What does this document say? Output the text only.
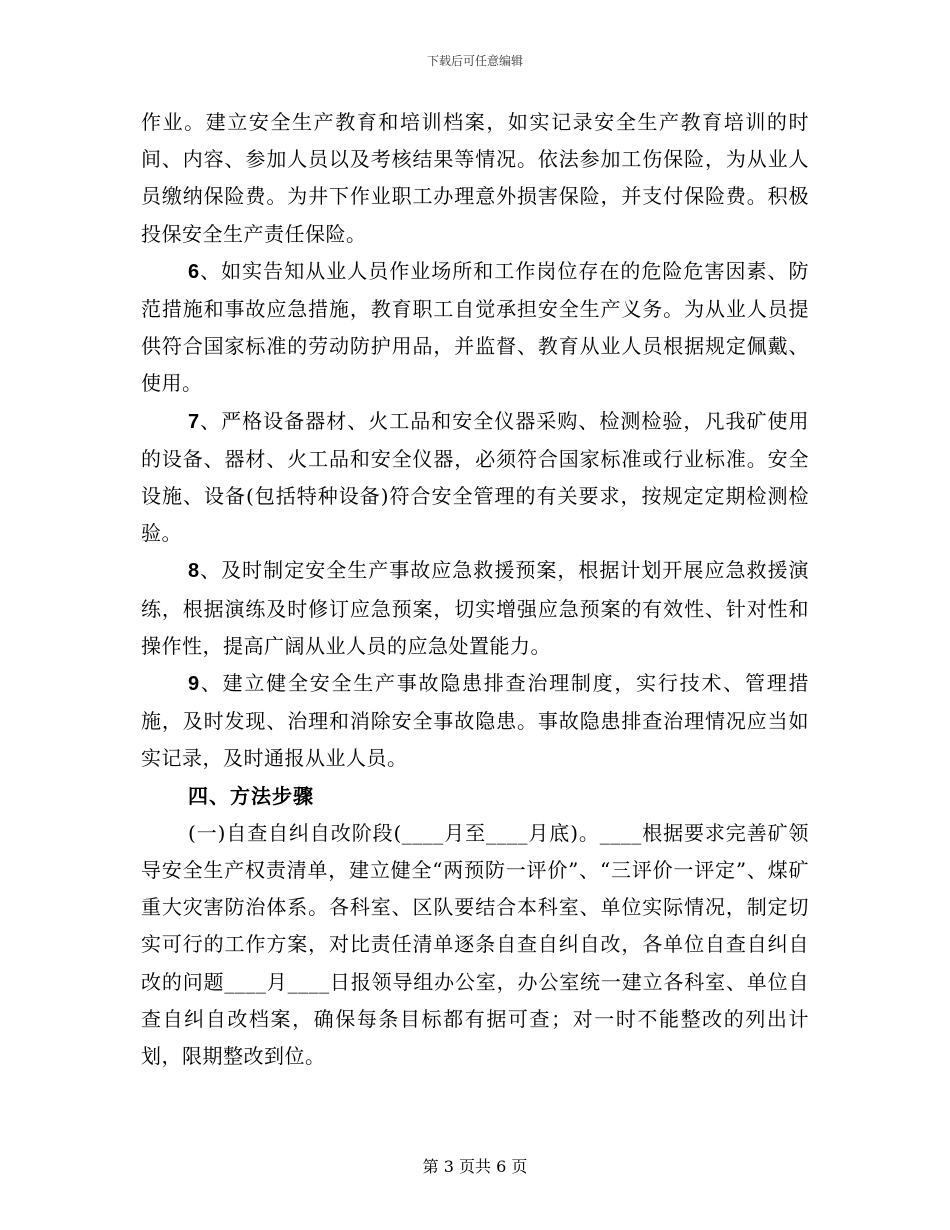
下载后可任意编辑

作业。建立安全生产教育和培训档案，如实记录安全生产教育培训的时间、内容、参加人员以及考核结果等情况。依法参加工伤保险，为从业人员缴纳保险费。为井下作业职工办理意外损害保险，并支付保险费。积极投保安全生产责任保险。

6、如实告知从业人员作业场所和工作岗位存在的危险危害因素、防范措施和事故应急措施，教育职工自觉承担安全生产义务。为从业人员提供符合国家标准的劳动防护用品，并监督、教育从业人员根据规定佩戴、使用。

7、严格设备器材、火工品和安全仪器采购、检测检验，凡我矿使用的设备、器材、火工品和安全仪器，必须符合国家标准或行业标准。安全设施、设备(包括特种设备)符合安全管理的有关要求，按规定定期检测检验。

8、及时制定安全生产事故应急救援预案，根据计划开展应急救援演练，根据演练及时修订应急预案，切实增强应急预案的有效性、针对性和操作性，提高广阔从业人员的应急处置能力。

9、建立健全安全生产事故隐患排查治理制度，实行技术、管理措施，及时发现、治理和消除安全事故隐患。事故隐患排查治理情况应当如实记录，及时通报从业人员。

四、方法步骤

(一)自查自纠自改阶段(____月至____月底)。____根据要求完善矿领导安全生产权责清单，建立健全“两预防一评价”、“三评价一评定”、煤矿重大灾害防治体系。各科室、区队要结合本科室、单位实际情况，制定切实可行的工作方案，对比责任清单逐条自查自纠自改，各单位自查自纠自改的问题____月____日报领导组办公室，办公室统一建立各科室、单位自查自纠自改档案，确保每条目标都有据可查；对一时不能整改的列出计划，限期整改到位。

第 3 页共 6 页
